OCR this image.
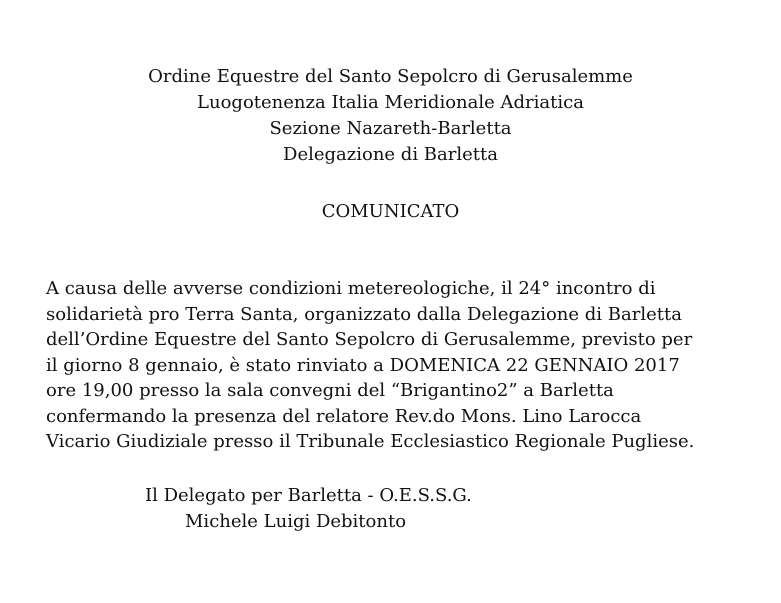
Ordine Equestre del Santo Sepolcro di Gerusalemme
Luogotenenza Italia Meridionale Adriatica
Sezione Nazareth-Barletta
Delegazione di Barletta
COMUNICATO
A causa delle avverse condizioni metereologiche, il 24° incontro di
solidarietà pro Terra Santa, organizzato dalla Delegazione di Barletta
dell’Ordine Equestre del Santo Sepolcro di Gerusalemme, previsto per
il giorno 8 gennaio, è stato rinviato a DOMENICA 22 GENNAIO 2017
ore 19,00 presso la sala convegni del “Brigantino2” a Barletta
confermando la presenza del relatore Rev.do Mons. Lino Larocca
Vicario Giudiziale presso il Tribunale Ecclesiastico Regionale Pugliese.
Il Delegato per Barletta - O.E.S.S.G.
Michele Luigi Debitonto
